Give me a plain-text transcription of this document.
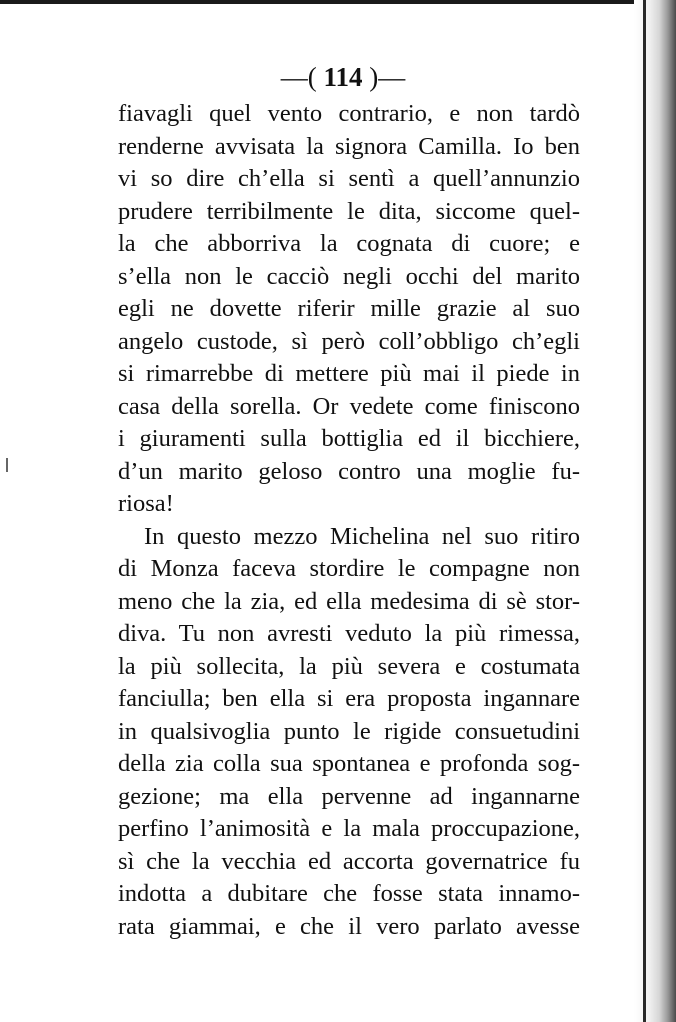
—( 114 )—
fiavagli quel vento contrario, e non tardò
renderne avvisata la signora Camilla. Io ben
vi so dire ch’ella si sentì a quell’annunzio
prudere terribilmente le dita, siccome quel-
la che abborriva la cognata di cuore; e
s’ella non le cacciò negli occhi del marito
egli ne dovette riferir mille grazie al suo
angelo custode, sì però coll’obbligo ch’egli
si rimarrebbe di mettere più mai il piede in
casa della sorella. Or vedete come finiscono
i giuramenti sulla bottiglia ed il bicchiere,
d’un marito geloso contro una moglie fu-
riosa!
In questo mezzo Michelina nel suo ritiro
di Monza faceva stordire le compagne non
meno che la zia, ed ella medesima di sè stor-
diva. Tu non avresti veduto la più rimessa,
la più sollecita, la più severa e costumata
fanciulla; ben ella si era proposta ingannare
in qualsivoglia punto le rigide consuetudini
della zia colla sua spontanea e profonda sog-
gezione; ma ella pervenne ad ingannarne
perfino l’animosità e la mala proccupazione,
sì che la vecchia ed accorta governatrice fu
indotta a dubitare che fosse stata innamo-
rata giammai, e che il vero parlato avesse
